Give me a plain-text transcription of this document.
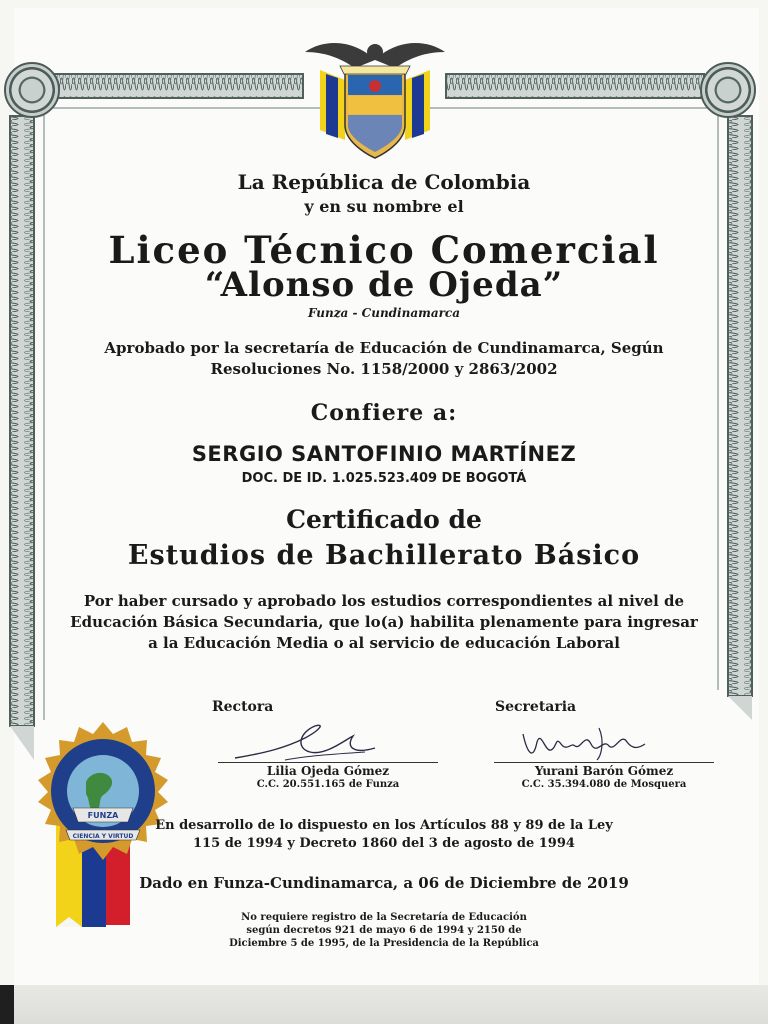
La República de Colombia
y en su nombre el
Liceo Técnico Comercial
“Alonso de Ojeda”
Funza - Cundinamarca
Aprobado por la secretaría de Educación de Cundinamarca, Según
Resoluciones No. 1158/2000 y 2863/2002
Confiere a:
SERGIO SANTOFINIO MARTÍNEZ
DOC. DE ID. 1.025.523.409 DE BOGOTÁ
Certificado de
Estudios de Bachillerato Básico
Por haber cursado y aprobado los estudios correspondientes al nivel de
Educación Básica Secundaria, que lo(a) habilita plenamente para ingresar
a la Educación Media o al servicio de educación Laboral
Rectora	Secretaria
Lilia Ojeda Gómez
C.C. 20.551.165 de Funza
Yurani Barón Gómez
C.C. 35.394.080 de Mosquera
FUNZA
CIENCIA Y VIRTUD
En desarrollo de lo dispuesto en los Artículos 88 y 89 de la Ley
115 de 1994 y Decreto 1860 del 3 de agosto de 1994
Dado en Funza-Cundinamarca, a 06 de Diciembre de 2019
No requiere registro de la Secretaría de Educación
según decretos 921 de mayo 6 de 1994 y 2150 de
Diciembre 5 de 1995, de la Presidencia de la República
